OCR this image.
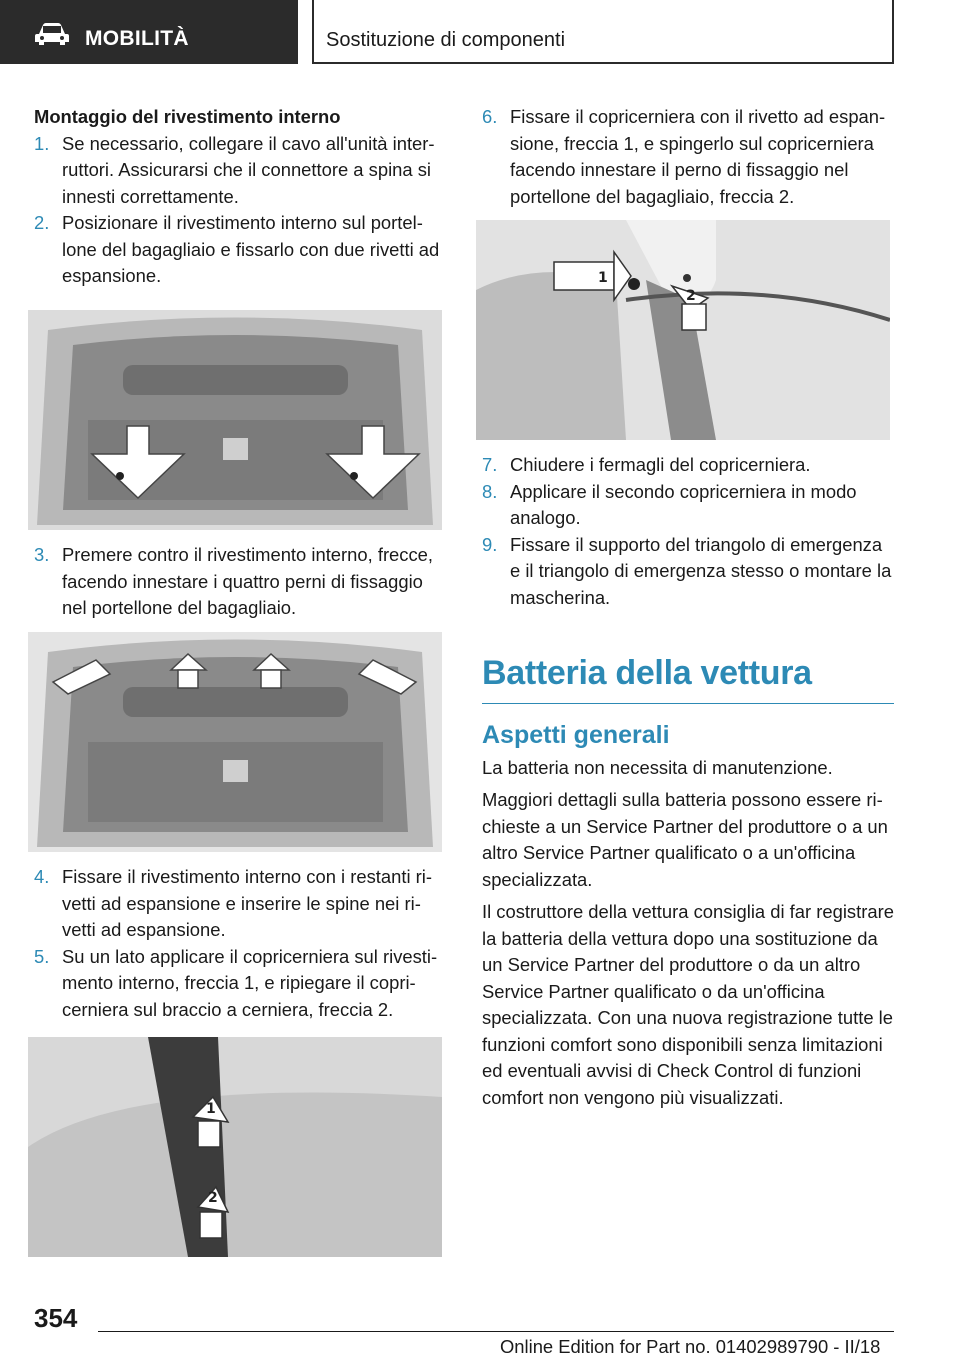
MOBILITÀ	Sostituzione di componenti
Montaggio del rivestimento interno
1. Se necessario, collegare il cavo all'unità interruttori. Assicurarsi che il connettore a spina si innesti correttamente.
2. Posizionare il rivestimento interno sul portellone del bagagliaio e fissarlo con due rivetti ad espansione.
3. Premere contro il rivestimento interno, frecce, facendo innestare i quattro perni di fissaggio nel portellone del bagagliaio.
4. Fissare il rivestimento interno con i restanti rivetti ad espansione e inserire le spine nei rivetti ad espansione.
5. Su un lato applicare il copricerniera sul rivestimento interno, freccia 1, e ripiegare il copricerniera sul braccio a cerniera, freccia 2.
1
2
6. Fissare il copricerniera con il rivetto ad espansione, freccia 1, e spingerlo sul copricerniera facendo innestare il perno di fissaggio nel portellone del bagagliaio, freccia 2.
1
2
7. Chiudere i fermagli del copricerniera.
8. Applicare il secondo copricerniera in modo analogo.
9. Fissare il supporto del triangolo di emergenza e il triangolo di emergenza stesso o montare la mascherina.
Batteria della vettura
Aspetti generali
La batteria non necessita di manutenzione.
Maggiori dettagli sulla batteria possono essere richieste a un Service Partner del produttore o a un altro Service Partner qualificato o a un'officina specializzata.
Il costruttore della vettura consiglia di far registrare la batteria della vettura dopo una sostituzione da un Service Partner del produttore o da un altro Service Partner qualificato o da un'officina specializzata. Con una nuova registrazione tutte le funzioni comfort sono disponibili senza limitazioni ed eventuali avvisi di Check Control di funzioni comfort non vengono più visualizzati.
354
Online Edition for Part no. 01402989790 - II/18
